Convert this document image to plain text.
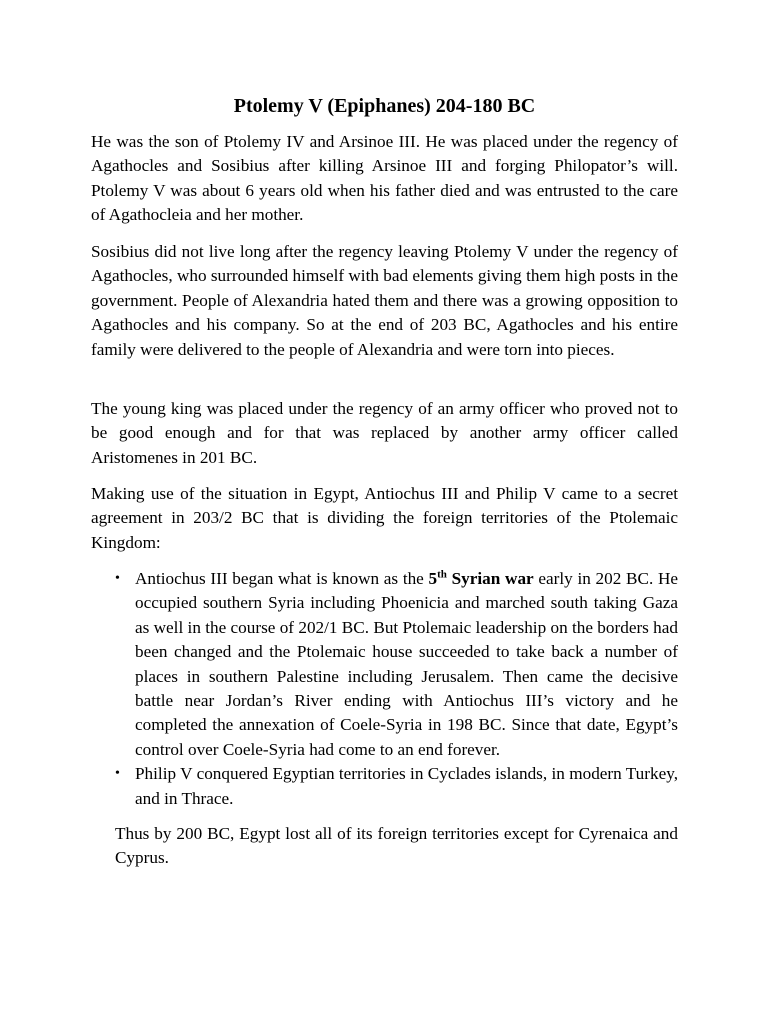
Ptolemy V (Epiphanes) 204-180 BC

He was the son of Ptolemy IV and Arsinoe III. He was placed under the regency of Agathocles and Sosibius after killing Arsinoe III and forging Philopator’s will. Ptolemy V was about 6 years old when his father died and was entrusted to the care of Agathocleia and her mother.

Sosibius did not live long after the regency leaving Ptolemy V under the regency of Agathocles, who surrounded himself with bad elements giving them high posts in the government. People of Alexandria hated them and there was a growing opposition to Agathocles and his company. So at the end of 203 BC, Agathocles and his entire family were delivered to the people of Alexandria and were torn into pieces.

The young king was placed under the regency of an army officer who proved not to be good enough and for that was replaced by another army officer called Aristomenes in 201 BC.

Making use of the situation in Egypt, Antiochus III and Philip V came to a secret agreement in 203/2 BC that is dividing the foreign territories of the Ptolemaic Kingdom:

• Antiochus III began what is known as the 5th Syrian war early in 202 BC. He occupied southern Syria including Phoenicia and marched south taking Gaza as well in the course of 202/1 BC. But Ptolemaic leadership on the borders had been changed and the Ptolemaic house succeeded to take back a number of places in southern Palestine including Jerusalem. Then came the decisive battle near Jordan’s River ending with Antiochus III’s victory and he completed the annexation of Coele-Syria in 198 BC. Since that date, Egypt’s control over Coele-Syria had come to an end forever.
• Philip V conquered Egyptian territories in Cyclades islands, in modern Turkey, and in Thrace.

Thus by 200 BC, Egypt lost all of its foreign territories except for Cyrenaica and Cyprus.
